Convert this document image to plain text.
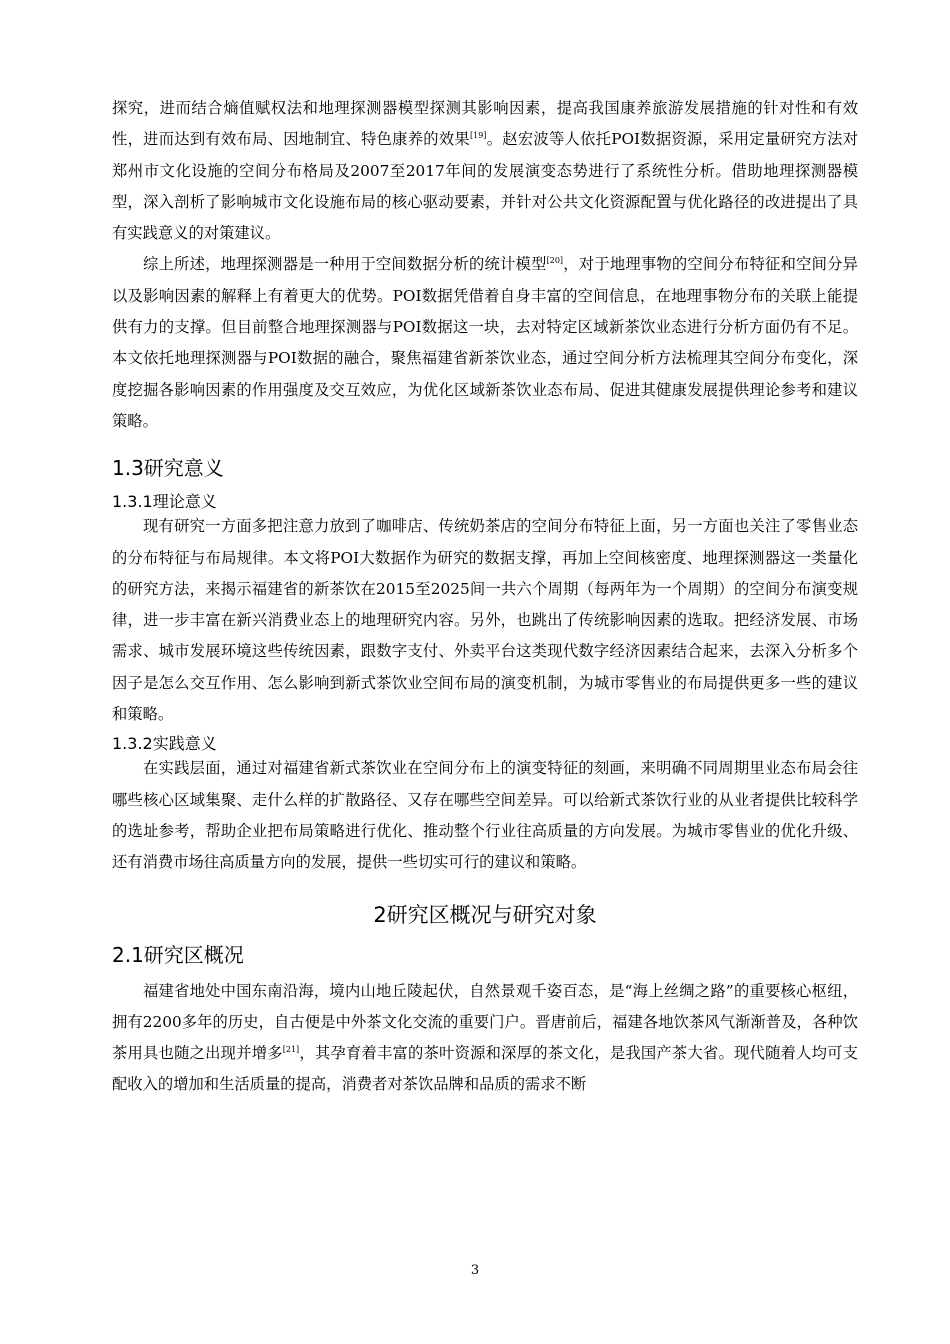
探究，进而结合熵值赋权法和地理探测器模型探测其影响因素，提高我国康养旅游发展措施的针对性和有效性，进而达到有效布局、因地制宜、特色康养的效果[19]。赵宏波等人依托POI数据资源，采用定量研究方法对郑州市文化设施的空间分布格局及2007至2017年间的发展演变态势进行了系统性分析。借助地理探测器模型，深入剖析了影响城市文化设施布局的核心驱动要素，并针对公共文化资源配置与优化路径的改进提出了具有实践意义的对策建议。

综上所述，地理探测器是一种用于空间数据分析的统计模型[20]，对于地理事物的空间分布特征和空间分异以及影响因素的解释上有着更大的优势。POI数据凭借着自身丰富的空间信息，在地理事物分布的关联上能提供有力的支撑。但目前整合地理探测器与POI数据这一块，去对特定区域新茶饮业态进行分析方面仍有不足。本文依托地理探测器与POI数据的融合，聚焦福建省新茶饮业态，通过空间分析方法梳理其空间分布变化，深度挖掘各影响因素的作用强度及交互效应，为优化区域新茶饮业态布局、促进其健康发展提供理论参考和建议策略。

1.3研究意义
1.3.1理论意义

现有研究一方面多把注意力放到了咖啡店、传统奶茶店的空间分布特征上面，另一方面也关注了零售业态的分布特征与布局规律。本文将POI大数据作为研究的数据支撑，再加上空间核密度、地理探测器这一类量化的研究方法，来揭示福建省的新茶饮在2015至2025间一共六个周期（每两年为一个周期）的空间分布演变规律，进一步丰富在新兴消费业态上的地理研究内容。另外，也跳出了传统影响因素的选取。把经济发展、市场需求、城市发展环境这些传统因素，跟数字支付、外卖平台这类现代数字经济因素结合起来，去深入分析多个因子是怎么交互作用、怎么影响到新式茶饮业空间布局的演变机制，为城市零售业的布局提供更多一些的建议和策略。

1.3.2实践意义

在实践层面，通过对福建省新式茶饮业在空间分布上的演变特征的刻画，来明确不同周期里业态布局会往哪些核心区域集聚、走什么样的扩散路径、又存在哪些空间差异。可以给新式茶饮行业的从业者提供比较科学的选址参考，帮助企业把布局策略进行优化、推动整个行业往高质量的方向发展。为城市零售业的优化升级、还有消费市场往高质量方向的发展，提供一些切实可行的建议和策略。

2研究区概况与研究对象
2.1研究区概况

福建省地处中国东南沿海，境内山地丘陵起伏，自然景观千姿百态，是“海上丝绸之路”的重要核心枢纽，拥有2200多年的历史，自古便是中外茶文化交流的重要门户。晋唐前后，福建各地饮茶风气渐渐普及，各种饮茶用具也随之出现并增多[21]，其孕育着丰富的茶叶资源和深厚的茶文化，是我国产茶大省。现代随着人均可支配收入的增加和生活质量的提高，消费者对茶饮品牌和品质的需求不断

3
